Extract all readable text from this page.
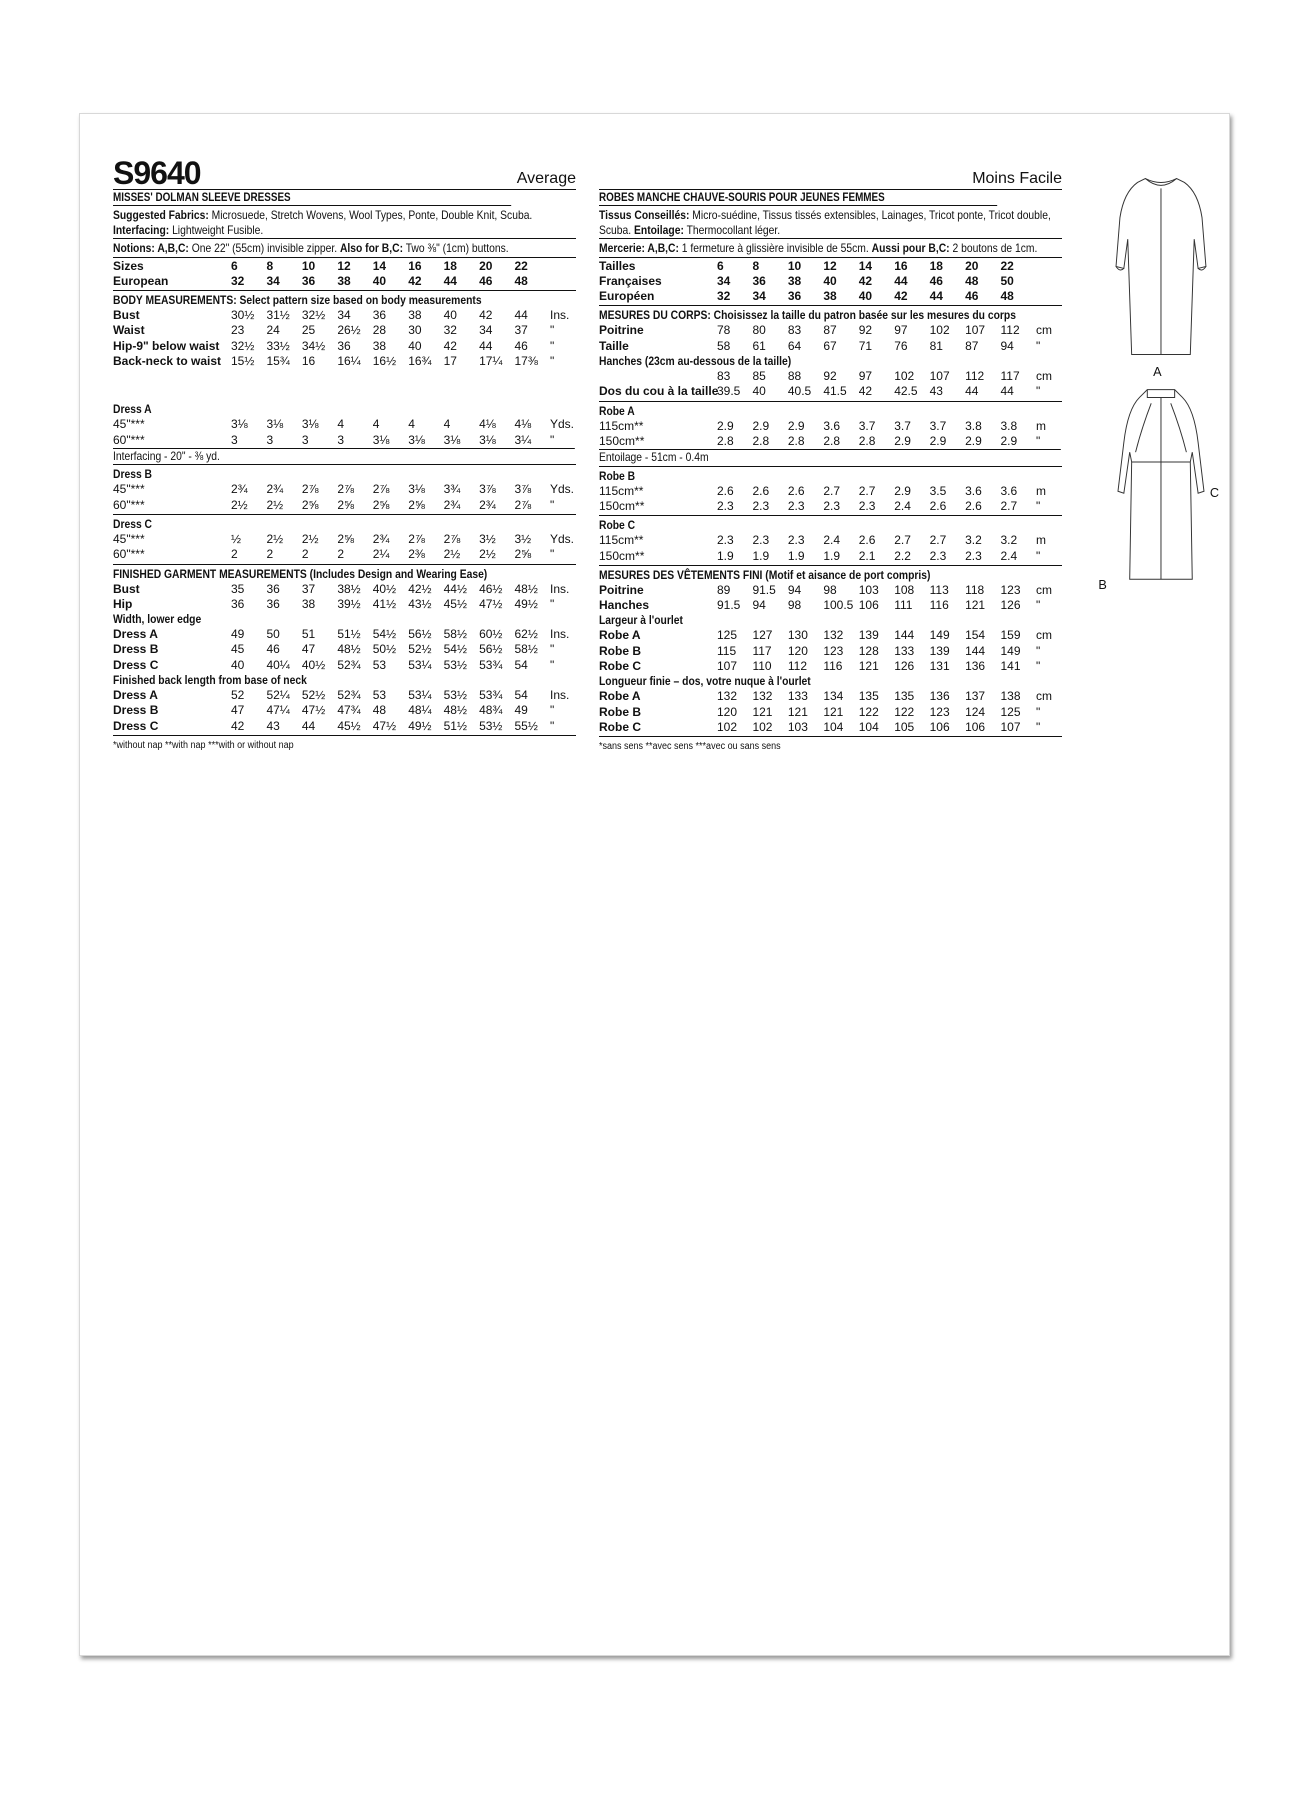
S9640	Average
MISSES' DOLMAN SLEEVE DRESSES
Suggested Fabrics: Microsuede, Stretch Wovens, Wool Types, Ponte, Double Knit, Scuba.
Interfacing: Lightweight Fusible.
Notions: A,B,C: One 22" (55cm) invisible zipper. Also for B,C: Two ⅜" (1cm) buttons.
Sizes	6	8	10	12	14	16	18	20	22	
European	32	34	36	38	40	42	44	46	48	
BODY MEASUREMENTS: Select pattern size based on body measurements
Bust	30½	31½	32½	34	36	38	40	42	44	Ins.
Waist	23	24	25	26½	28	30	32	34	37	"
Hip-9" below waist	32½	33½	34½	36	38	40	42	44	46	"
Back-neck to waist	15½	15¾	16	16¼	16½	16¾	17	17¼	17⅜	"
Dress A
45"***	3⅛	3⅛	3⅛	4	4	4	4	4⅛	4⅛	Yds.
60"***	3	3	3	3	3⅛	3⅛	3⅛	3⅛	3¼	"
Interfacing - 20" - ⅜ yd.
Dress B
45"***	2¾	2¾	2⅞	2⅞	2⅞	3⅛	3¾	3⅞	3⅞	Yds.
60"***	2½	2½	2⅝	2⅝	2⅝	2⅝	2¾	2¾	2⅞	"
Dress C
45"***	½	2½	2½	2⅝	2¾	2⅞	2⅞	3½	3½	Yds.
60"***	2	2	2	2	2¼	2⅜	2½	2½	2⅝	"
FINISHED GARMENT MEASUREMENTS (Includes Design and Wearing Ease)
Bust	35	36	37	38½	40½	42½	44½	46½	48½	Ins.
Hip	36	36	38	39½	41½	43½	45½	47½	49½	"
Width, lower edge
Dress A	49	50	51	51½	54½	56½	58½	60½	62½	Ins.
Dress B	45	46	47	48½	50½	52½	54½	56½	58½	"
Dress C	40	40¼	40½	52¾	53	53¼	53½	53¾	54	"
Finished back length from base of neck
Dress A	52	52¼	52½	52¾	53	53¼	53½	53¾	54	Ins.
Dress B	47	47¼	47½	47¾	48	48¼	48½	48¾	49	"
Dress C	42	43	44	45½	47½	49½	51½	53½	55½	"
*without nap **with nap ***with or without nap
Moins Facile
ROBES MANCHE CHAUVE-SOURIS POUR JEUNES FEMMES
Tissus Conseillés: Micro-suédine, Tissus tissés extensibles, Lainages, Tricot ponte, Tricot double, Scuba. Entoilage: Thermocollant léger.
Mercerie: A,B,C: 1 fermeture à glissière invisible de 55cm. Aussi pour B,C: 2 boutons de 1cm.
Tailles	6	8	10	12	14	16	18	20	22	
Françaises	34	36	38	40	42	44	46	48	50	
Européen	32	34	36	38	40	42	44	46	48	
MESURES DU CORPS: Choisissez la taille du patron basée sur les mesures du corps
Poitrine	78	80	83	87	92	97	102	107	112	cm
Taille	58	61	64	67	71	76	81	87	94	"
Hanches (23cm au-dessous de la taille)
	83	85	88	92	97	102	107	112	117	cm
Dos du cou à la taille	39.5	40	40.5	41.5	42	42.5	43	44	44	"
Robe A
115cm**	2.9	2.9	2.9	3.6	3.7	3.7	3.7	3.8	3.8	m
150cm**	2.8	2.8	2.8	2.8	2.8	2.9	2.9	2.9	2.9	"
Entoilage - 51cm - 0.4m
Robe B
115cm**	2.6	2.6	2.6	2.7	2.7	2.9	3.5	3.6	3.6	m
150cm**	2.3	2.3	2.3	2.3	2.3	2.4	2.6	2.6	2.7	"
Robe C
115cm**	2.3	2.3	2.3	2.4	2.6	2.7	2.7	3.2	3.2	m
150cm**	1.9	1.9	1.9	1.9	2.1	2.2	2.3	2.3	2.4	"
MESURES DES VÊTEMENTS FINI (Motif et aisance de port compris)
Poitrine	89	91.5	94	98	103	108	113	118	123	cm
Hanches	91.5	94	98	100.5	106	111	116	121	126	"
Largeur à l'ourlet
Robe A	125	127	130	132	139	144	149	154	159	cm
Robe B	115	117	120	123	128	133	139	144	149	"
Robe C	107	110	112	116	121	126	131	136	141	"
Longueur finie – dos, votre nuque à l'ourlet
Robe A	132	132	133	134	135	135	136	137	138	cm
Robe B	120	121	121	121	122	122	123	124	125	"
Robe C	102	102	103	104	104	105	106	106	107	"
*sans sens **avec sens ***avec ou sans sens
A
B
C
